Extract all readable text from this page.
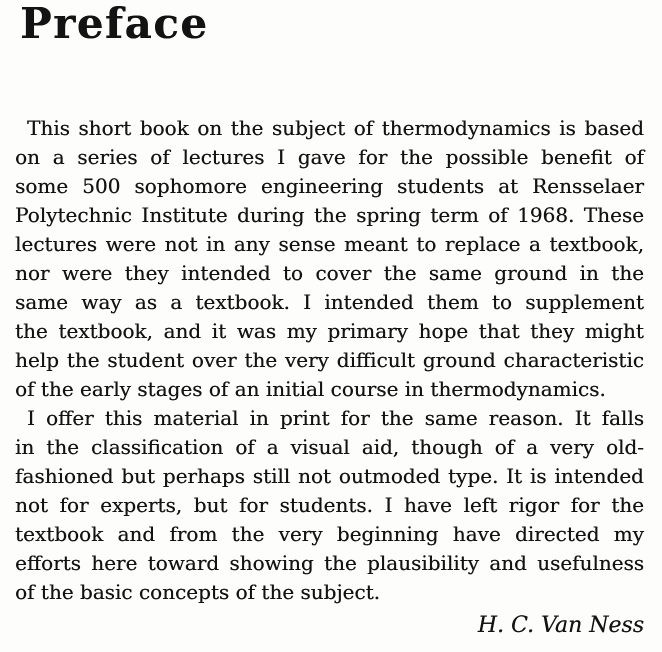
Preface
This short book on the subject of thermodynamics is based
on a series of lectures I gave for the possible benefit of
some 500 sophomore engineering students at Rensselaer
Polytechnic Institute during the spring term of 1968. These
lectures were not in any sense meant to replace a textbook,
nor were they intended to cover the same ground in the
same way as a textbook. I intended them to supplement
the textbook, and it was my primary hope that they might
help the student over the very difficult ground characteristic
of the early stages of an initial course in thermodynamics.
I offer this material in print for the same reason. It falls
in the classification of a visual aid, though of a very old-
fashioned but perhaps still not outmoded type. It is intended
not for experts, but for students. I have left rigor for the
textbook and from the very beginning have directed my
efforts here toward showing the plausibility and usefulness
of the basic concepts of the subject.
H. C. Van Ness
